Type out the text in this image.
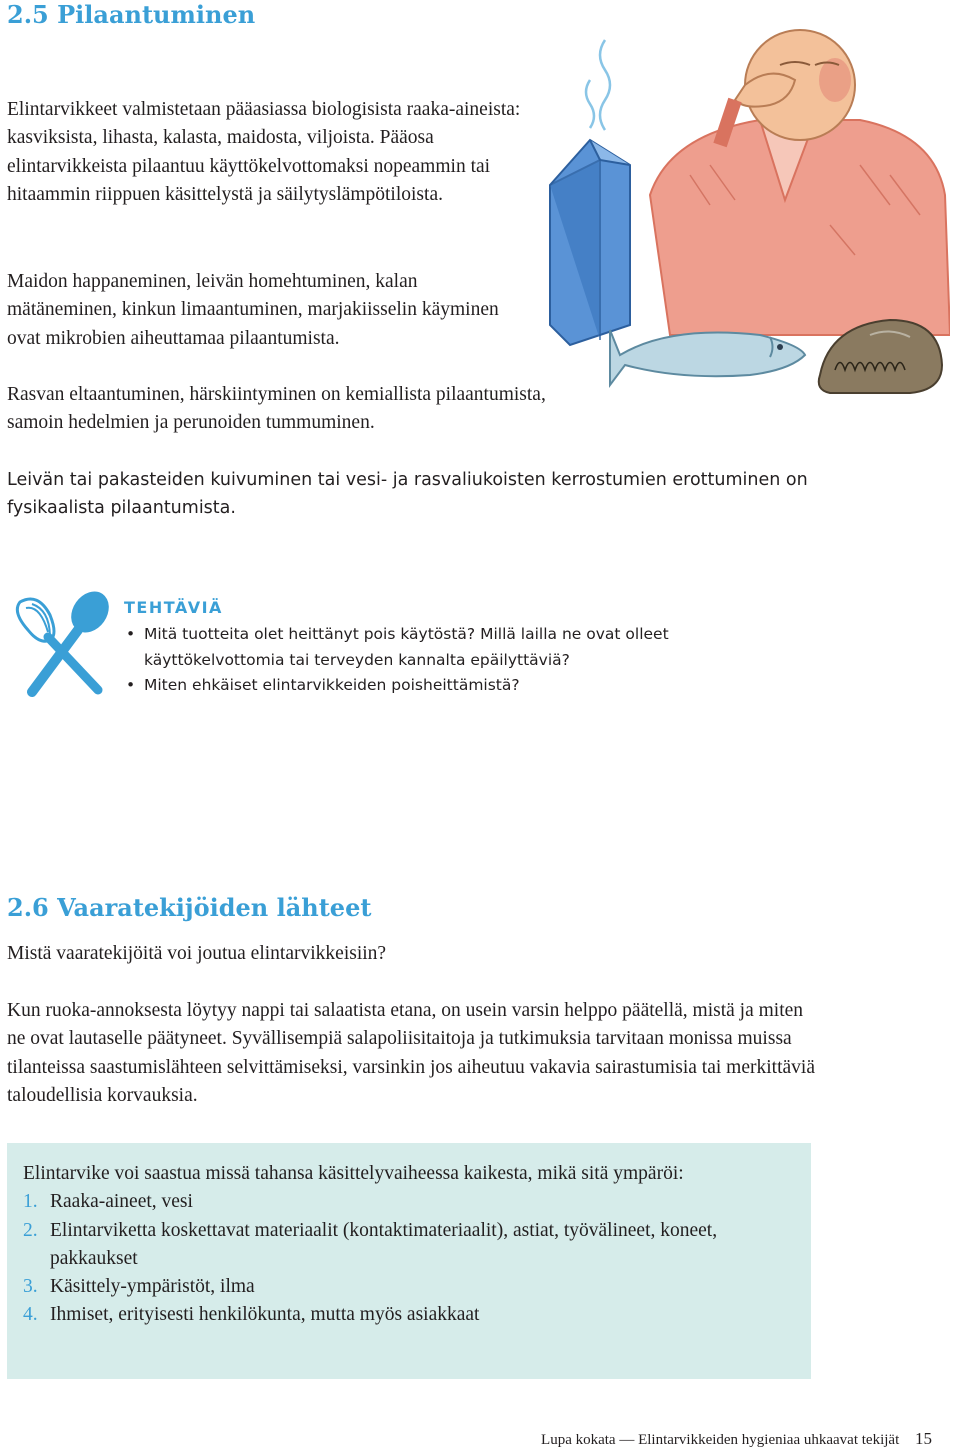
2.5 Pilaantuminen

Elintarvikkeet valmistetaan pääasiassa biologisista raaka-aineista: kasviksista, lihasta, kalasta, maidosta, viljoista. Pääosa elintarvikkeista pilaantuu käyttökelvottomaksi nopeammin tai hitaammin riippuen käsittelystä ja säilytyslämpötiloista.

Maidon happaneminen, leivän homehtuminen, kalan mätäneminen, kinkun limaantuminen, marjakiisselin käyminen ovat mikrobien aiheuttamaa pilaantumista.

Rasvan eltaantuminen, härskiintyminen on kemiallista pilaantumista, samoin hedelmien ja perunoiden tummuminen.

Leivän tai pakasteiden kuivuminen tai vesi- ja rasvaliukoisten kerrostumien erottuminen on fysikaalista pilaantumista.

TEHTÄVIÄ
• Mitä tuotteita olet heittänyt pois käytöstä? Millä lailla ne ovat olleet käyttökelvottomia tai terveyden kannalta epäilyttäviä?
• Miten ehkäiset elintarvikkeiden poisheittämistä?
2.6 Vaaratekijöiden lähteet

Mistä vaaratekijöitä voi joutua elintarvikkeisiin?

Kun ruoka-annoksesta löytyy nappi tai salaatista etana, on usein varsin helppo päätellä, mistä ja miten ne ovat lautaselle päätyneet. Syvällisempiä salapoliisitaitoja ja tutkimuksia tarvitaan monissa muissa tilanteissa saastumislähteen selvittämiseksi, varsinkin jos aiheutuu vakavia sairastumisia tai merkittäviä taloudellisia korvauksia.

Elintarvike voi saastua missä tahansa käsittelyvaiheessa kaikesta, mikä sitä ympäröi:

1. Raaka-aineet, vesi
2. Elintarviketta koskettavat materiaalit (kontaktimateriaalit), astiat, työvälineet, koneet, pakkaukset
3. Käsittely-ympäristöt, ilma
4. Ihmiset, erityisesti henkilökunta, mutta myös asiakkaat
Lupa kokata — Elintarvikkeiden hygieniaa uhkaavat tekijät 15
